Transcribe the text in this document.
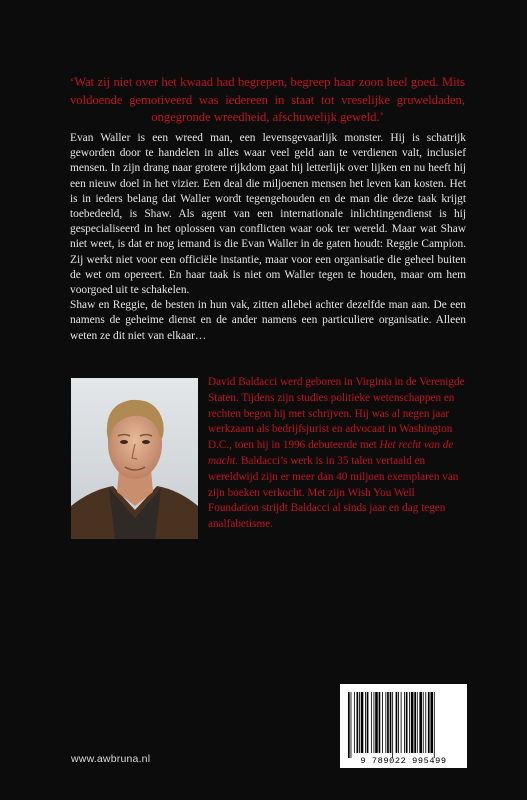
‘Wat zij niet over het kwaad had begrepen, begreep haar zoon heel goed. Mits voldoende gemotiveerd was iedereen in staat tot vreselijke gruweldaden, ongegronde wreedheid, afschuwelijk geweld.’

Evan Waller is een wreed man, een levensgevaarlijk monster. Hij is schatrijk geworden door te handelen in alles waar veel geld aan te verdienen valt, inclusief mensen. In zijn drang naar grotere rijkdom gaat hij letterlijk over lijken en nu heeft hij een nieuw doel in het vizier. Een deal die miljoenen mensen het leven kan kosten. Het is in ieders belang dat Waller wordt tegengehouden en de man die deze taak krijgt toebedeeld, is Shaw. Als agent van een internationale inlichtingendienst is hij gespecialiseerd in het oplossen van conflicten waar ook ter wereld. Maar wat Shaw niet weet, is dat er nog iemand is die Evan Waller in de gaten houdt: Reggie Campion. Zij werkt niet voor een officiële instantie, maar voor een organisatie die geheel buiten de wet om opereert. En haar taak is niet om Waller tegen te houden, maar om hem voorgoed uit te schakelen.
Shaw en Reggie, de besten in hun vak, zitten allebei achter dezelfde man aan. De een namens de geheime dienst en de ander namens een particuliere organisatie. Alleen weten ze dit niet van elkaar…

David Baldacci werd geboren in Virginia in de Verenigde Staten. Tijdens zijn studies politieke wetenschappen en rechten begon hij met schrijven. Hij was al negen jaar werkzaam als bedrijfsjurist en advocaat in Washington D.C., toen hij in 1996 debuteerde met Het recht van de macht. Baldacci’s werk is in 35 talen vertaald en wereldwijd zijn er meer dan 40 miljoen exemplaren van zijn boeken verkocht. Met zijn Wish You Well Foundation strijdt Baldacci al sinds jaar en dag tegen analfabetisme.

www.awbruna.nl	9 789022 995499
